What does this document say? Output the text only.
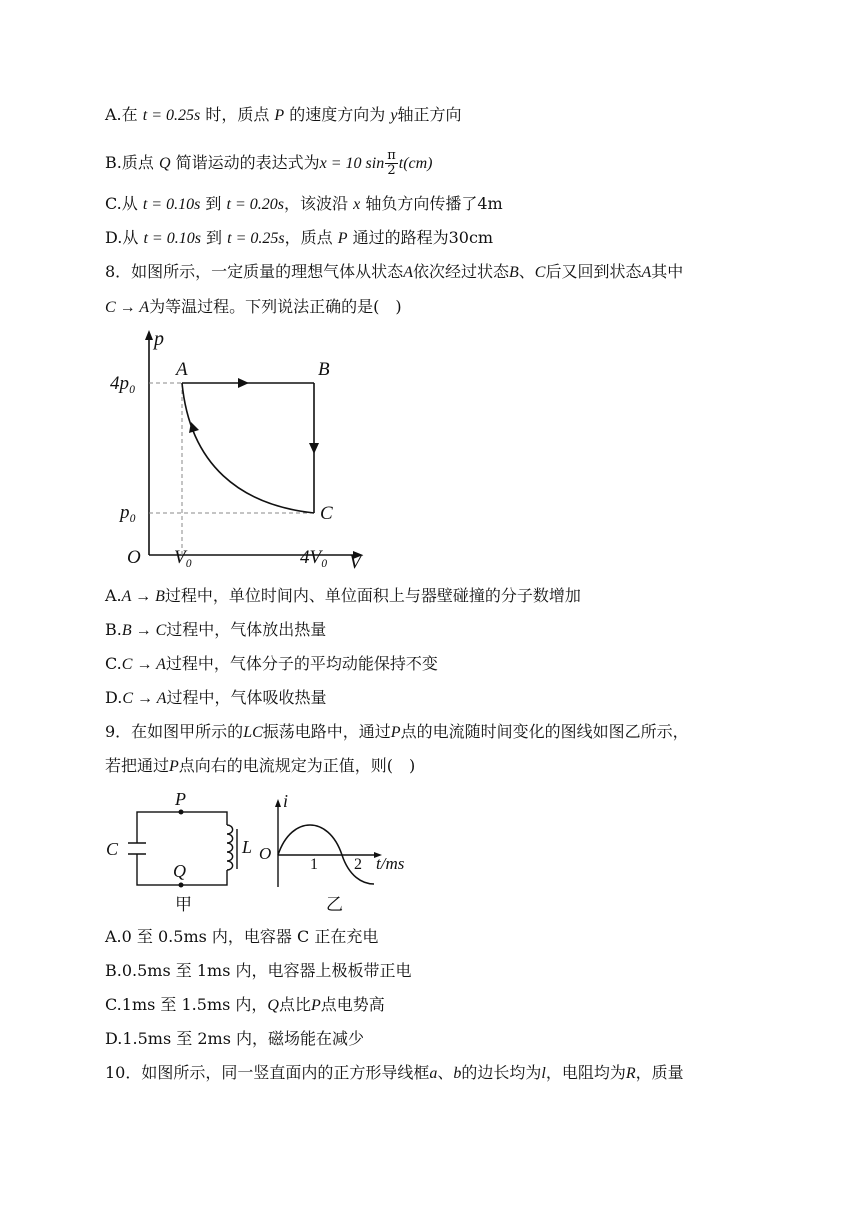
A.在 t = 0.25s 时，质点 P 的速度方向为 y轴正方向
B.质点 Q 简谐运动的表达式为x = 10 $\sin \frac{\pi}{2} t(cm)$
C.从 t = 0.10s 到 t = 0.20s，该波沿 x 轴负方向传播了4m
D.从 t = 0.10s 到 t = 0.25s，质点 P 通过的路程为30cm
8．如图所示，一定质量的理想气体从状态A依次经过状态B、C后又回到状态A其中
C → A为等温过程。下列说法正确的是(　)
p
V
O
4p₀
p₀
V₀	4V₀
A	B
C
A.A → B过程中，单位时间内、单位面积上与器壁碰撞的分子数增加
B.B → C过程中，气体放出热量
C.C → A过程中，气体分子的平均动能保持不变
D.C → A过程中，气体吸收热量
9．在如图甲所示的LC振荡电路中，通过P点的电流随时间变化的图线如图乙所示，
若把通过P点向右的电流规定为正值，则(　)
P
Q
C	L
甲
i
O
1 2 t/ms
乙
A.0 至 0.5ms 内，电容器 C 正在充电
B.0.5ms 至 1ms 内，电容器上极板带正电
C.1ms 至 1.5ms 内，Q点比P点电势高
D.1.5ms 至 2ms 内，磁场能在减少
10．如图所示，同一竖直面内的正方形导线框a、b的边长均为l，电阻均为R，质量
